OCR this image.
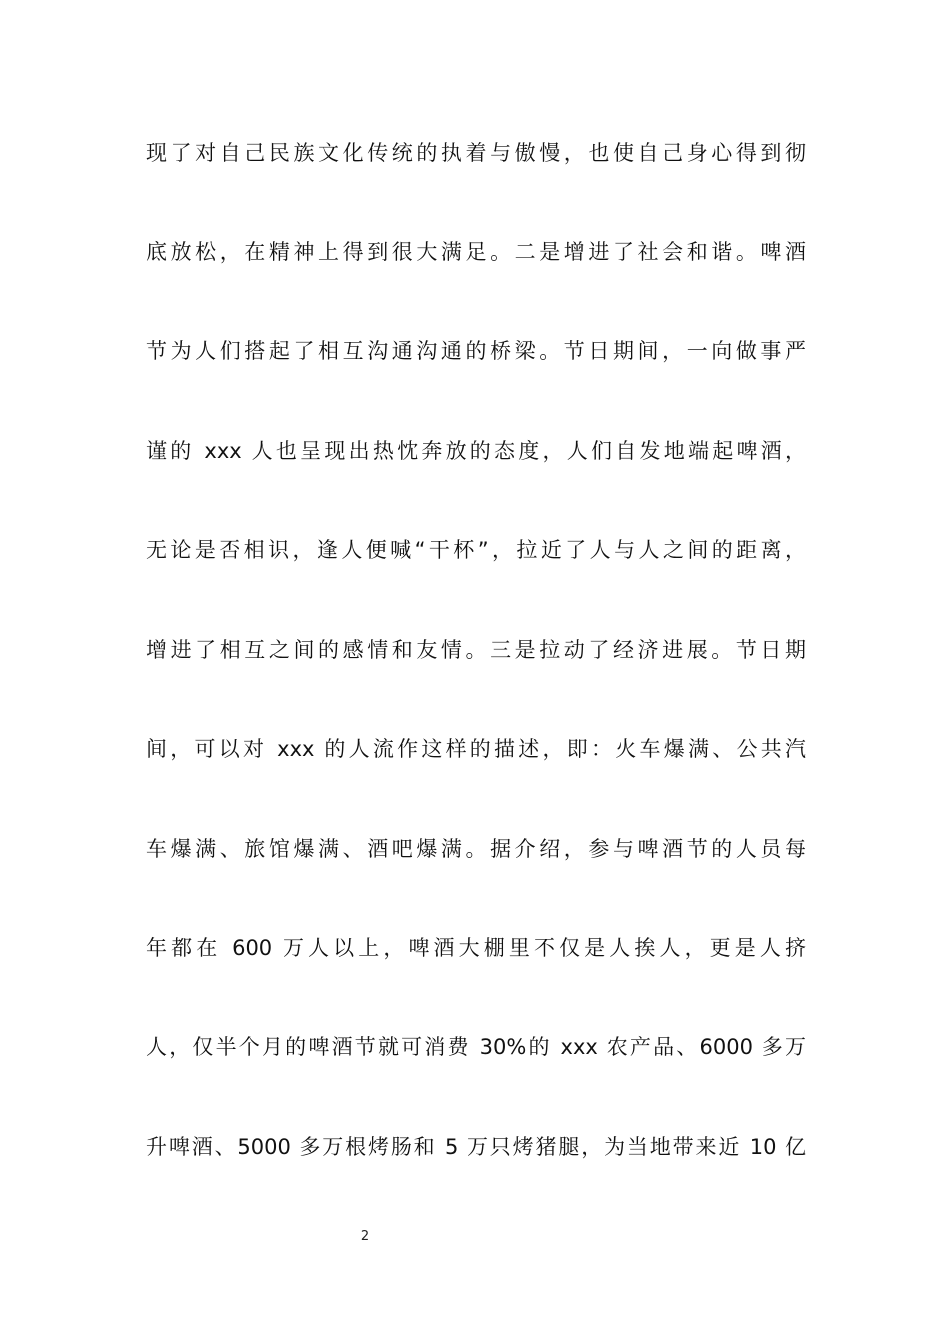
现了对自己民族文化传统的执着与傲慢，也使自己身心得到彻
底放松，在精神上得到很大满足。二是增进了社会和谐。啤酒
节为人们搭起了相互沟通沟通的桥梁。节日期间，一向做事严
谨的 xxx 人也呈现出热忱奔放的态度，人们自发地端起啤酒，
无论是否相识，逢人便喊“干杯”，拉近了人与人之间的距离，
增进了相互之间的感情和友情。三是拉动了经济进展。节日期
间，可以对 xxx 的人流作这样的描述，即：火车爆满、公共汽
车爆满、旅馆爆满、酒吧爆满。据介绍，参与啤酒节的人员每
年都在 600 万人以上，啤酒大棚里不仅是人挨人，更是人挤
人，仅半个月的啤酒节就可消费 30%的 xxx 农产品、6000 多万
升啤酒、5000 多万根烤肠和 5 万只烤猪腿，为当地带来近 10 亿
2
